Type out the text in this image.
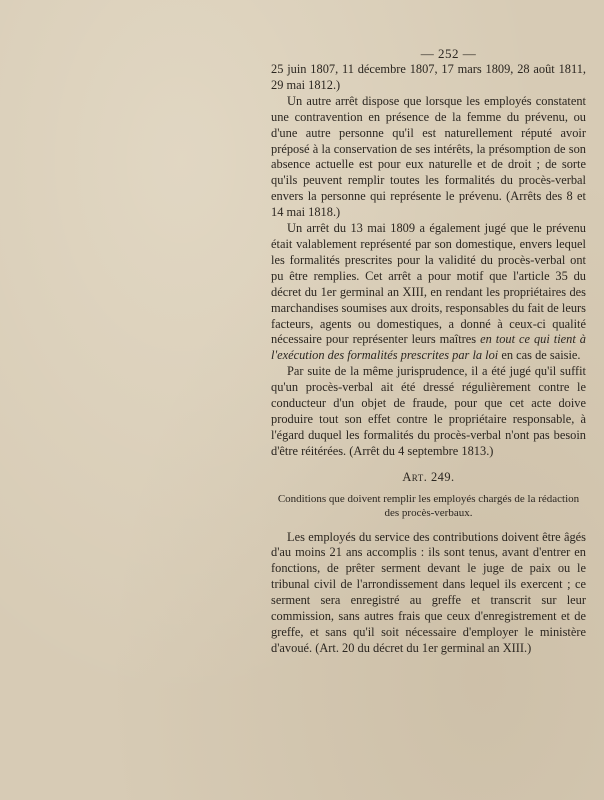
— 252 —

25 juin 1807, 11 décembre 1807, 17 mars 1809, 28 août 1811, 29 mai 1812.)

Un autre arrêt dispose que lorsque les employés constatent une contravention en présence de la femme du prévenu, ou d'une autre personne qu'il est naturellement réputé avoir préposé à la conservation de ses intérêts, la présomption de son absence actuelle est pour eux naturelle et de droit ; de sorte qu'ils peuvent remplir toutes les formalités du procès-verbal envers la personne qui représente le prévenu. (Arrêts des 8 et 14 mai 1818.)

Un arrêt du 13 mai 1809 a également jugé que le prévenu était valablement représenté par son domestique, envers lequel les formalités prescrites pour la validité du procès-verbal ont pu être remplies. Cet arrêt a pour motif que l'article 35 du décret du 1er germinal an XIII, en rendant les propriétaires des marchandises soumises aux droits, responsables du fait de leurs facteurs, agents ou domestiques, a donné à ceux-ci qualité nécessaire pour représenter leurs maîtres en tout ce qui tient à l'exécution des formalités prescrites par la loi en cas de saisie.

Par suite de la même jurisprudence, il a été jugé qu'il suffit qu'un procès-verbal ait été dressé régulièrement contre le conducteur d'un objet de fraude, pour que cet acte doive produire tout son effet contre le propriétaire responsable, à l'égard duquel les formalités du procès-verbal n'ont pas besoin d'être réitérées. (Arrêt du 4 septembre 1813.)

Art. 249.
Conditions que doivent remplir les employés chargés de la rédaction des procès-verbaux.

Les employés du service des contributions doivent être âgés d'au moins 21 ans accomplis : ils sont tenus, avant d'entrer en fonctions, de prêter serment devant le juge de paix ou le tribunal civil de l'arrondissement dans lequel ils exercent ; ce serment sera enregistré au greffe et transcrit sur leur commission, sans autres frais que ceux d'enregistrement et de greffe, et sans qu'il soit nécessaire d'employer le ministère d'avoué. (Art. 20 du décret du 1er germinal an XIII.)
